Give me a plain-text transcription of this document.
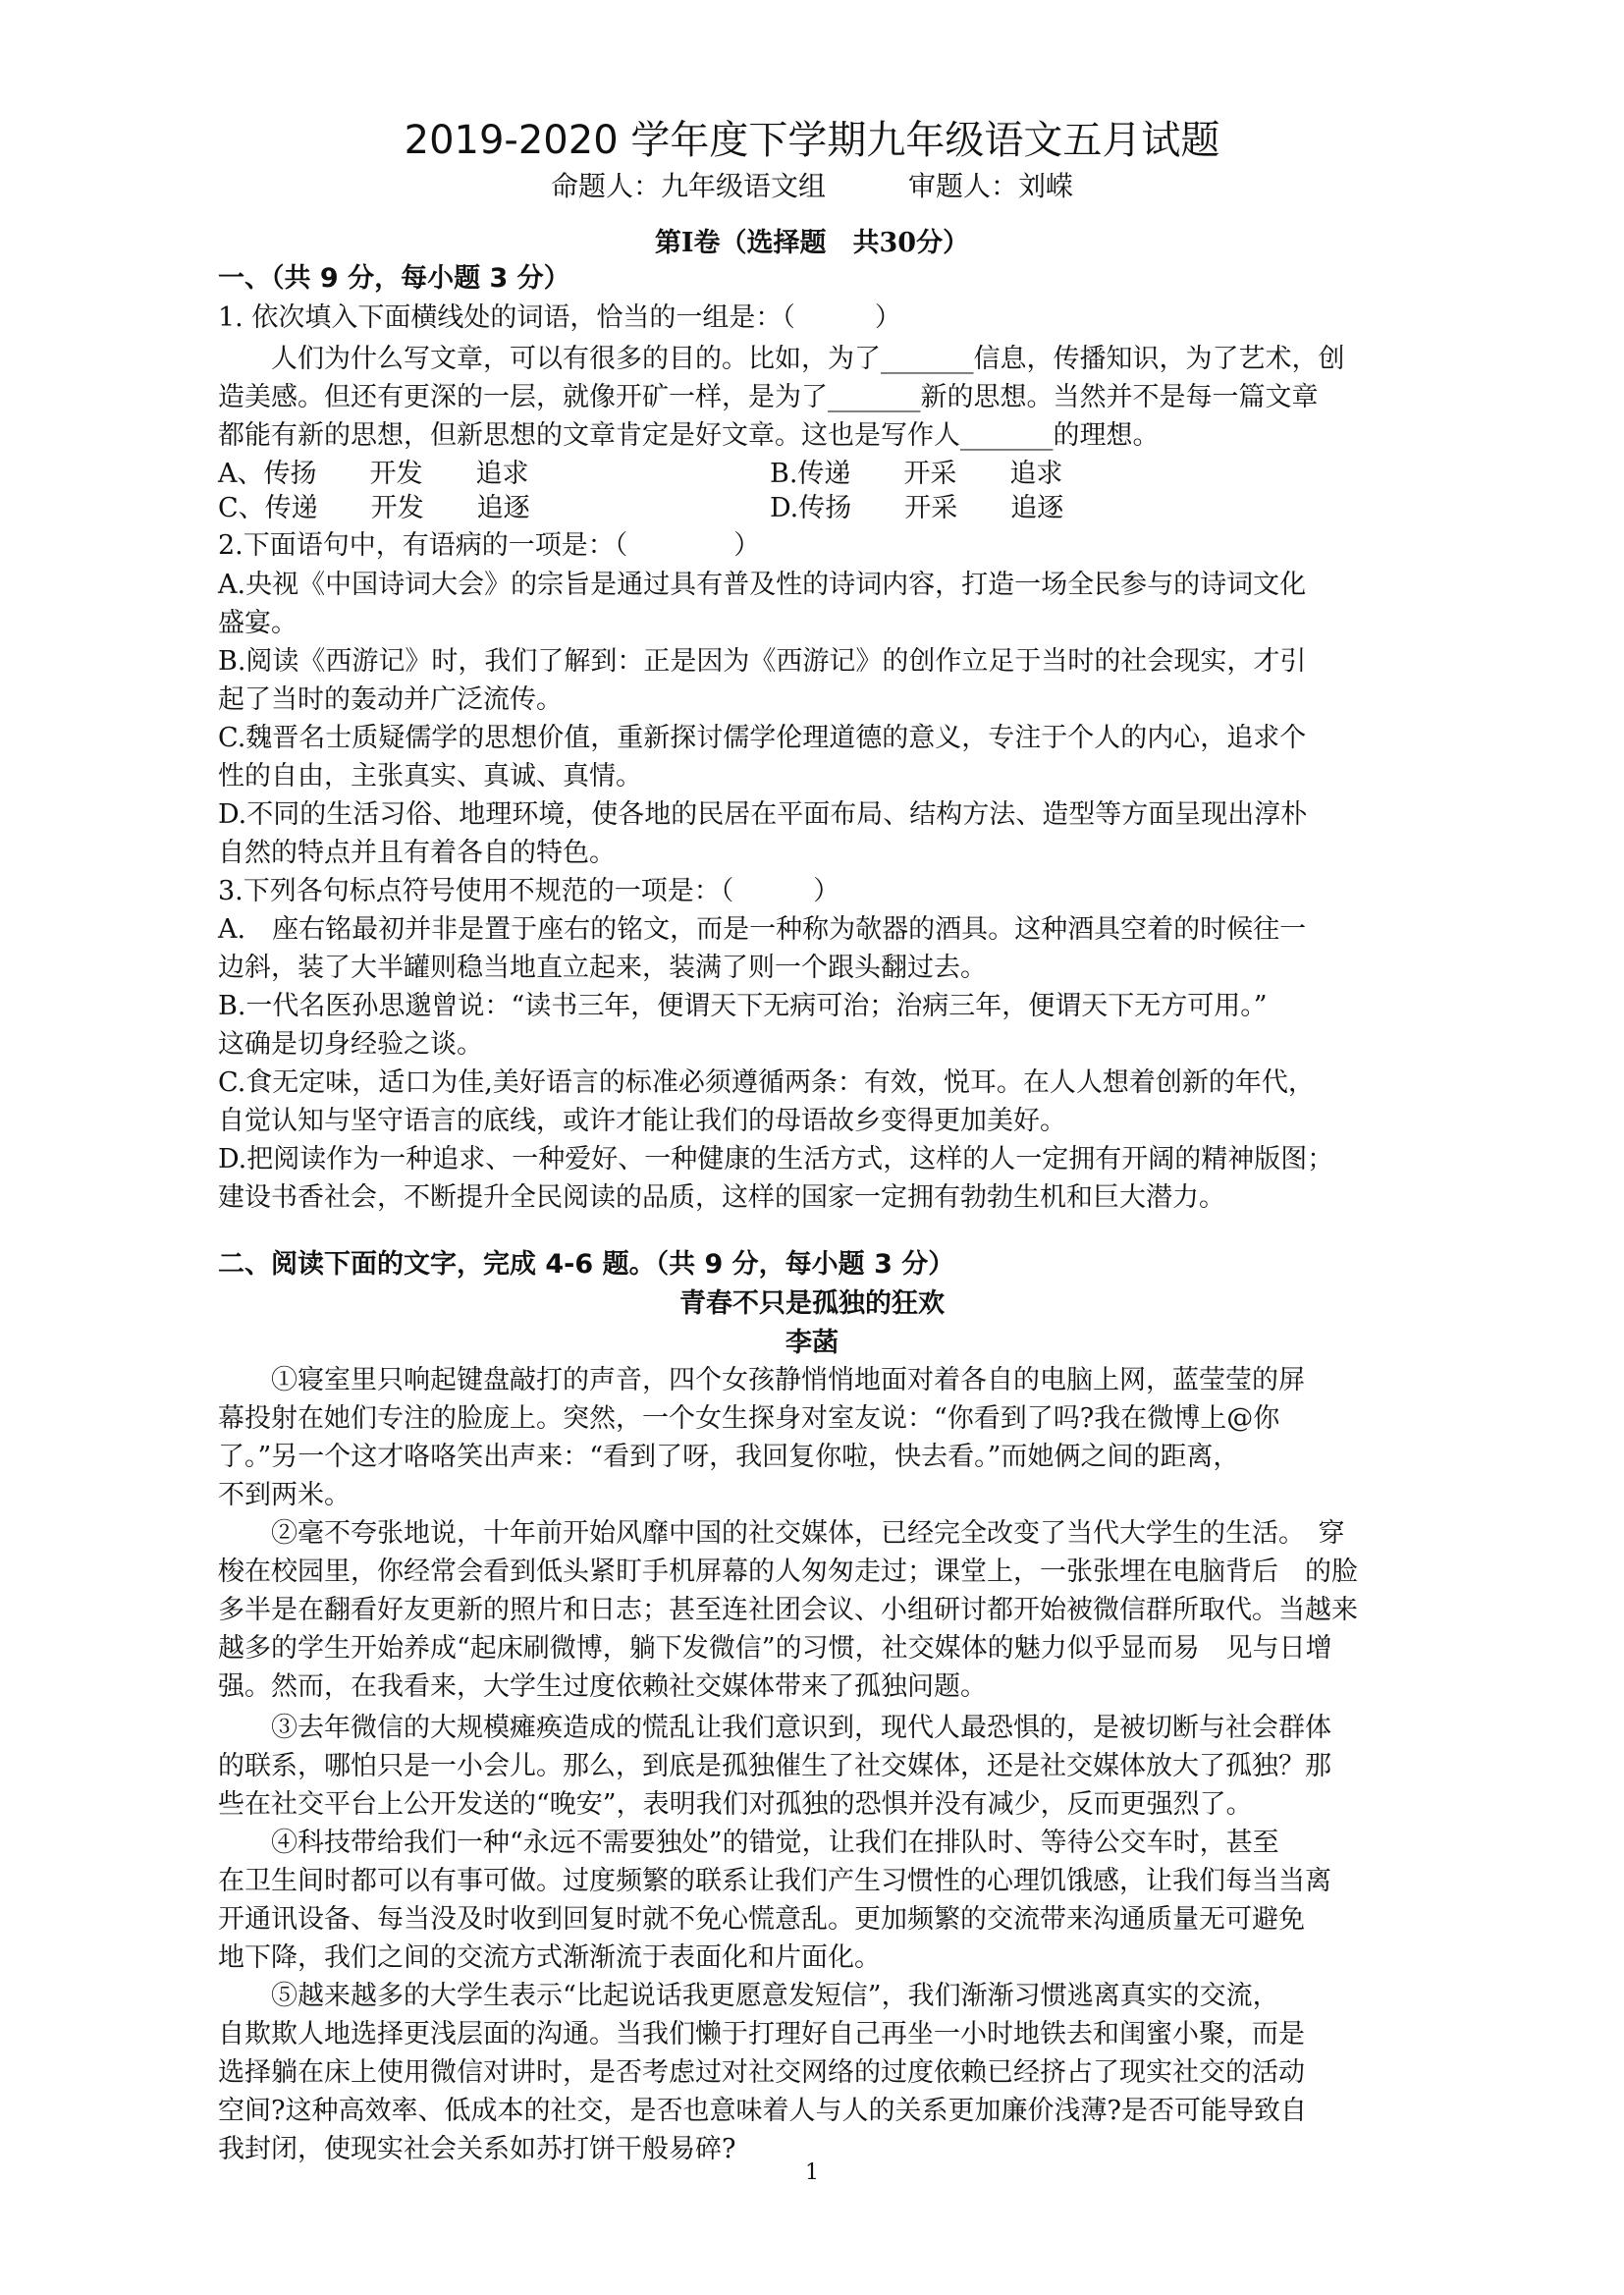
2019-2020 学年度下学期九年级语文五月试题
命题人：九年级语文组　　　审题人：刘嵘
第Ⅰ卷（选择题　共30分）
一、（共 9 分，每小题 3 分）
1. 依次填入下面横线处的词语，恰当的一组是：（　　　）
　　人们为什么写文章，可以有很多的目的。比如，为了_______信息，传播知识，为了艺术，创
造美感。但还有更深的一层，就像开矿一样，是为了_______新的思想。当然并不是每一篇文章
都能有新的思想，但新思想的文章肯定是好文章。这也是写作人_______的理想。
A、传扬　　开发　　追求	B.传递　　开采　　追求
C、传递　　开发　　追逐	D.传扬　　开采　　追逐
2.下面语句中，有语病的一项是：（　　　　）
A.央视《中国诗词大会》的宗旨是通过具有普及性的诗词内容，打造一场全民参与的诗词文化
盛宴。
B.阅读《西游记》时，我们了解到：正是因为《西游记》的创作立足于当时的社会现实，才引
起了当时的轰动并广泛流传。
C.魏晋名士质疑儒学的思想价值，重新探讨儒学伦理道德的意义，专注于个人的内心，追求个
性的自由，主张真实、真诚、真情。
D.不同的生活习俗、地理环境，使各地的民居在平面布局、结构方法、造型等方面呈现出淳朴
自然的特点并且有着各自的特色。
3.下列各句标点符号使用不规范的一项是：（　　　）
A.　座右铭最初并非是置于座右的铭文，而是一种称为欹器的酒具。这种酒具空着的时候往一
边斜，装了大半罐则稳当地直立起来，装满了则一个跟头翻过去。
B.一代名医孙思邈曾说：“读书三年，便谓天下无病可治；治病三年，便谓天下无方可用。”
这确是切身经验之谈。
C.食无定味，适口为佳,美好语言的标准必须遵循两条：有效，悦耳。在人人想着创新的年代，
自觉认知与坚守语言的底线，或许才能让我们的母语故乡变得更加美好。
D.把阅读作为一种追求、一种爱好、一种健康的生活方式，这样的人一定拥有开阔的精神版图；
建设书香社会，不断提升全民阅读的品质，这样的国家一定拥有勃勃生机和巨大潜力。
二、阅读下面的文字，完成 4-6 题。（共 9 分，每小题 3 分）
青春不只是孤独的狂欢
李菡
　　①寝室里只响起键盘敲打的声音，四个女孩静悄悄地面对着各自的电脑上网，蓝莹莹的屏
幕投射在她们专注的脸庞上。突然，一个女生探身对室友说：“你看到了吗?我在微博上@你
了。”另一个这才咯咯笑出声来：“看到了呀，我回复你啦，快去看。”而她俩之间的距离，
不到两米。
　　②毫不夸张地说，十年前开始风靡中国的社交媒体，已经完全改变了当代大学生的生活。　穿
梭在校园里，你经常会看到低头紧盯手机屏幕的人匆匆走过；课堂上，一张张埋在电脑背后　的脸
多半是在翻看好友更新的照片和日志；甚至连社团会议、小组研讨都开始被微信群所取代。当越来
越多的学生开始养成“起床刷微博，躺下发微信”的习惯，社交媒体的魅力似乎显而易　见与日增
强。然而，在我看来，大学生过度依赖社交媒体带来了孤独问题。
　　③去年微信的大规模瘫痪造成的慌乱让我们意识到，现代人最恐惧的，是被切断与社会群体
的联系，哪怕只是一小会儿。那么，到底是孤独催生了社交媒体，还是社交媒体放大了孤独？那
些在社交平台上公开发送的“晚安”，表明我们对孤独的恐惧并没有减少，反而更强烈了。
　　④科技带给我们一种“永远不需要独处”的错觉，让我们在排队时、等待公交车时，甚至
在卫生间时都可以有事可做。过度频繁的联系让我们产生习惯性的心理饥饿感，让我们每当当离
开通讯设备、每当没及时收到回复时就不免心慌意乱。更加频繁的交流带来沟通质量无可避免
地下降，我们之间的交流方式渐渐流于表面化和片面化。
　　⑤越来越多的大学生表示“比起说话我更愿意发短信”，我们渐渐习惯逃离真实的交流，
自欺欺人地选择更浅层面的沟通。当我们懒于打理好自己再坐一小时地铁去和闺蜜小聚，而是
选择躺在床上使用微信对讲时，是否考虑过对社交网络的过度依赖已经挤占了现实社交的活动
空间?这种高效率、低成本的社交，是否也意味着人与人的关系更加廉价浅薄?是否可能导致自
我封闭，使现实社会关系如苏打饼干般易碎?
1
